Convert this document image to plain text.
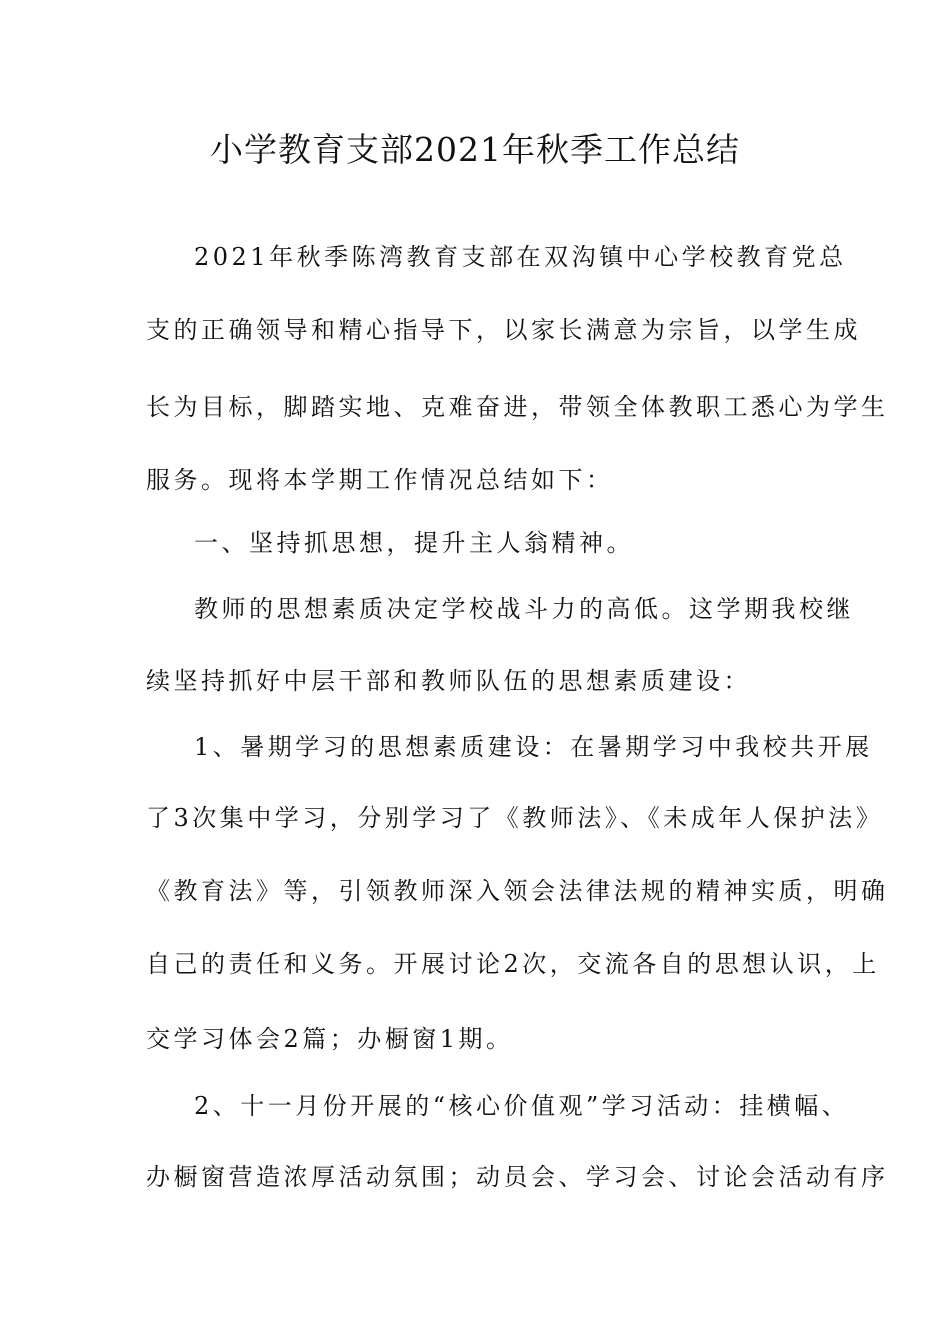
小学教育支部2021年秋季工作总结
2021年秋季陈湾教育支部在双沟镇中心学校教育党总
支的正确领导和精心指导下，以家长满意为宗旨，以学生成
长为目标，脚踏实地、克难奋进，带领全体教职工悉心为学生
服务。现将本学期工作情况总结如下：
一、坚持抓思想，提升主人翁精神。
教师的思想素质决定学校战斗力的高低。这学期我校继
续坚持抓好中层干部和教师队伍的思想素质建设：
1、暑期学习的思想素质建设：在暑期学习中我校共开展
了3次集中学习，分别学习了《教师法》、《未成年人保护法》
《教育法》等，引领教师深入领会法律法规的精神实质，明确
自己的责任和义务。开展讨论2次，交流各自的思想认识，上
交学习体会2篇；办橱窗1期。
2、十一月份开展的“核心价值观”学习活动：挂横幅、
办橱窗营造浓厚活动氛围；动员会、学习会、讨论会活动有序
